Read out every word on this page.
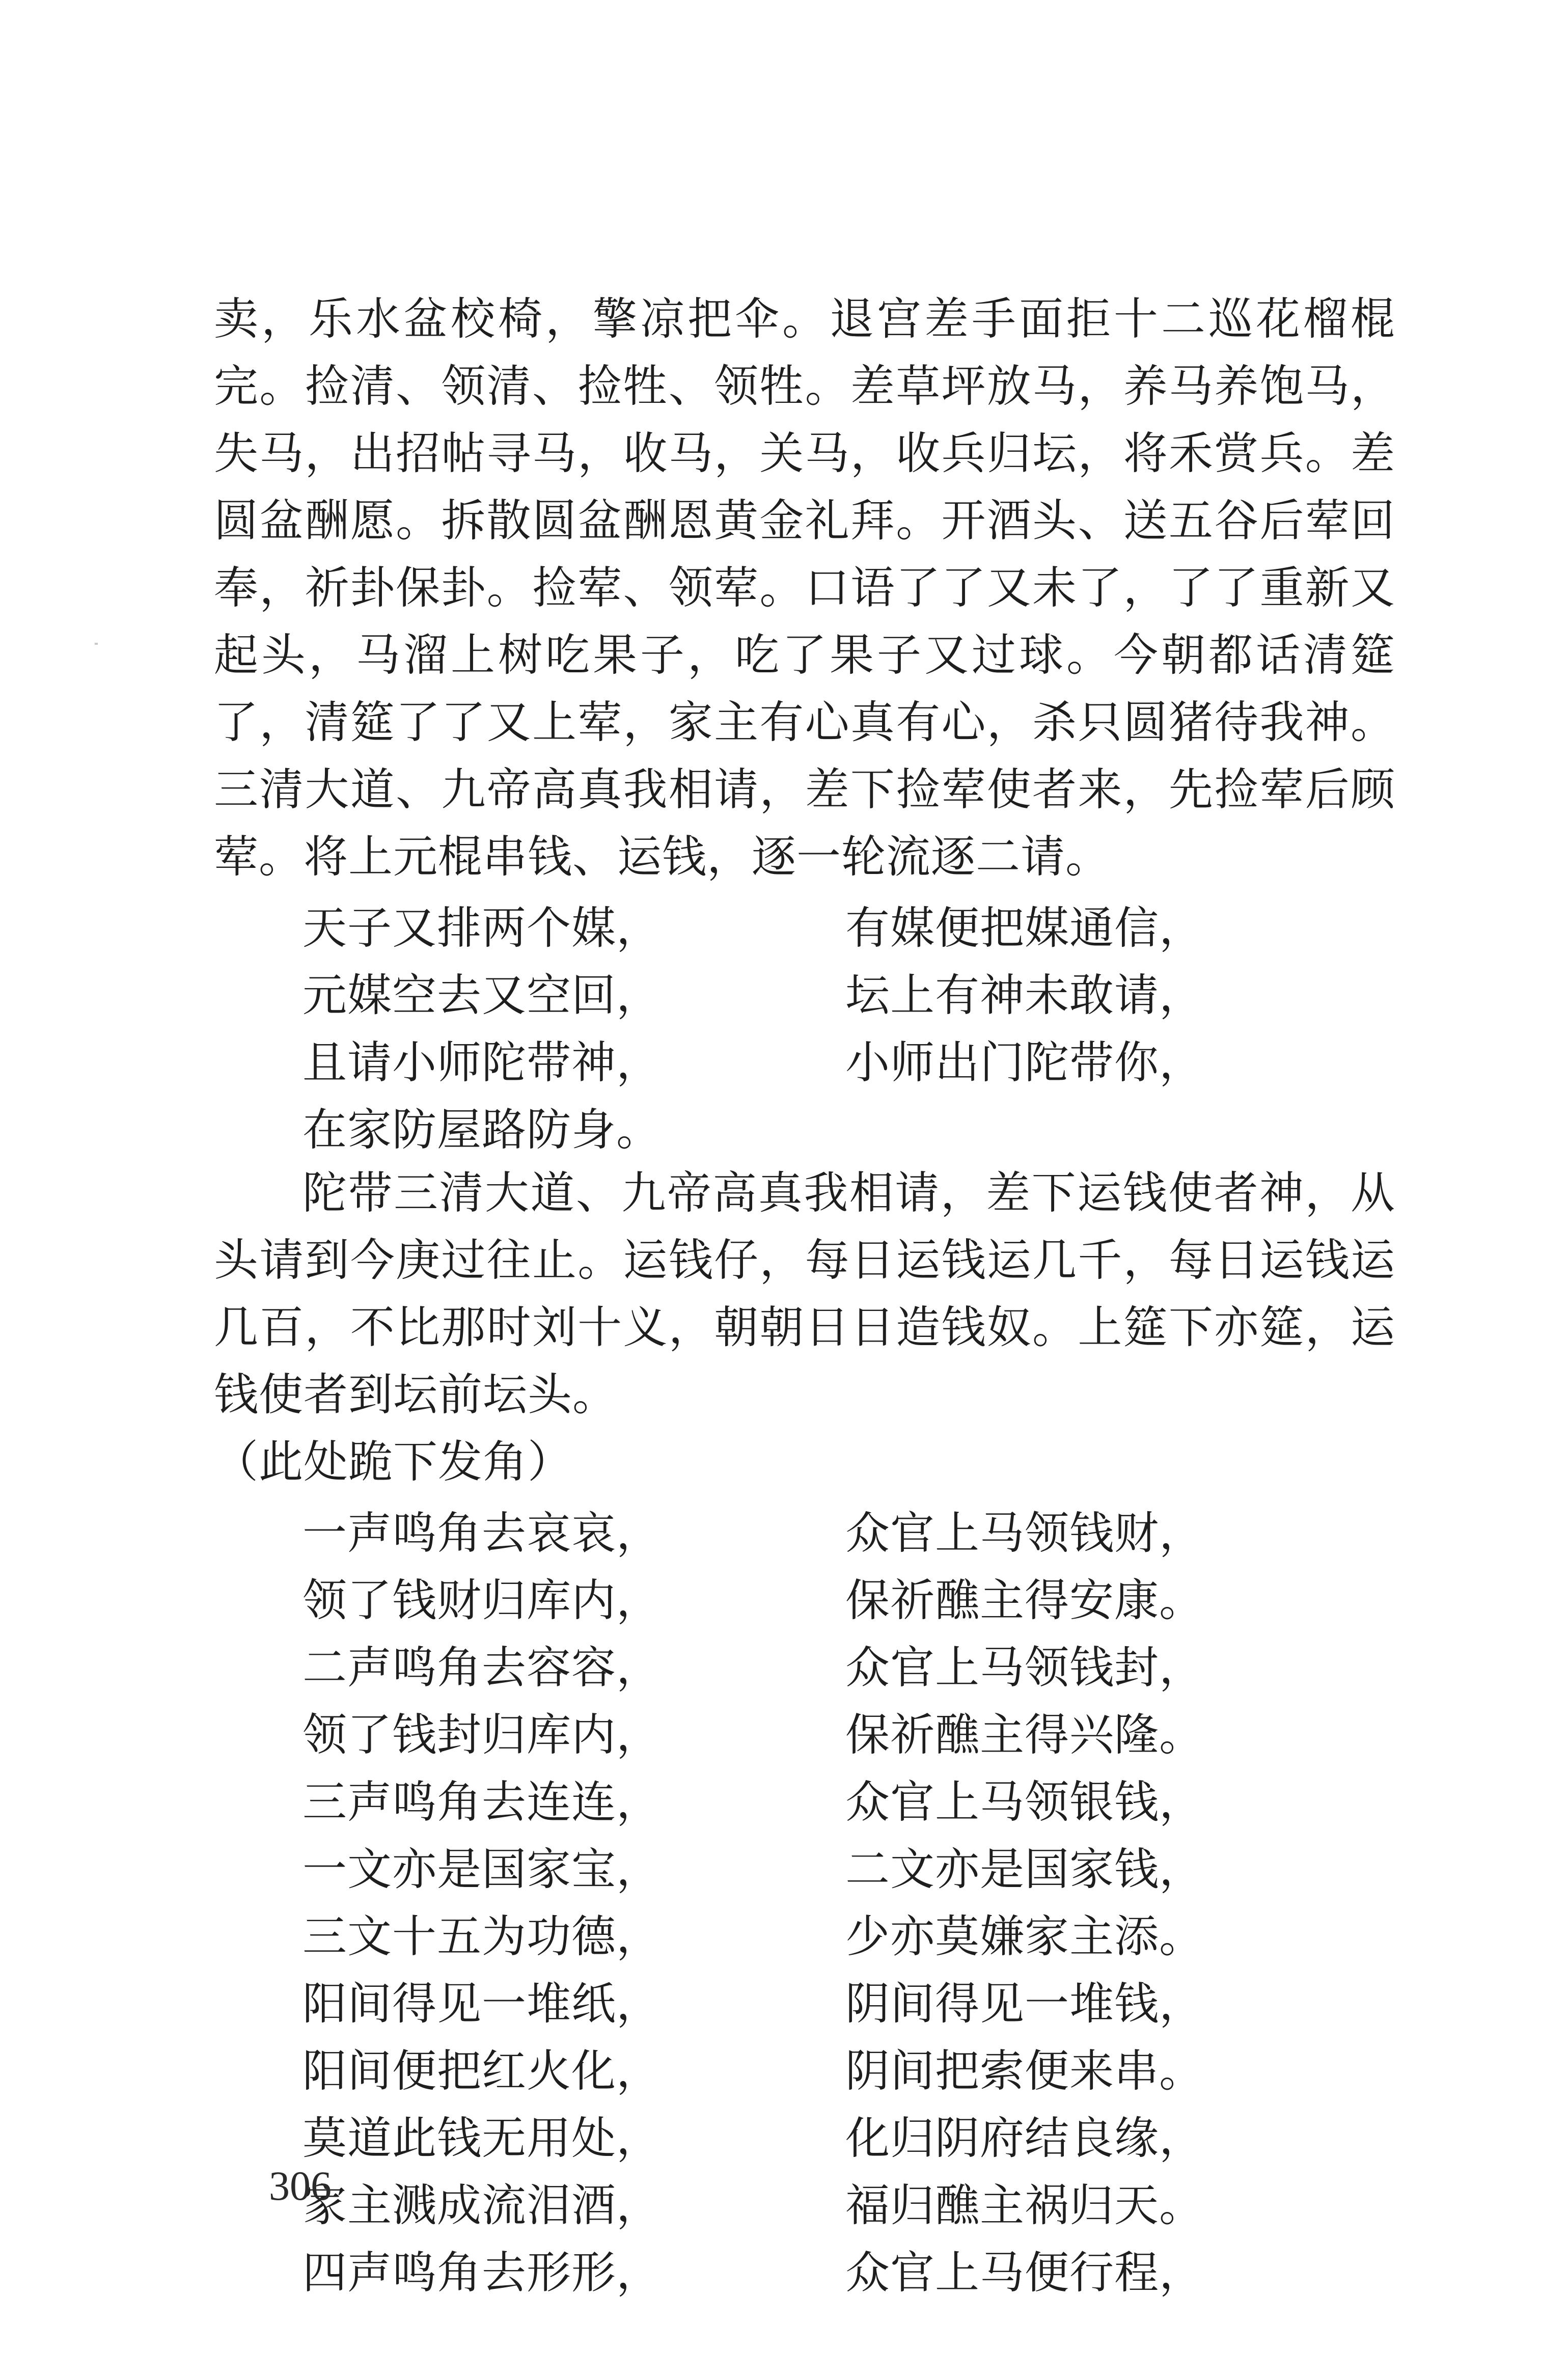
卖，乐水盆校椅，擎凉把伞。退宫差手面拒十二巡花榴棍完。捡清、领清、捡牲、领牲。差草坪放马，养马养饱马，失马，出招帖寻马，收马，关马，收兵归坛，将禾赏兵。差圆盆酬愿。拆散圆盆酬恩黄金礼拜。开酒头、送五谷后荤回奉，祈卦保卦。捡荤、领荤。口语了了又未了，了了重新又起头，马溜上树吃果子，吃了果子又过球。今朝都话清筵了，清筵了了又上荤，家主有心真有心，杀只圆猪待我神。三清大道、九帝高真我相请，差下捡荤使者来，先捡荤后顾荤。将上元棍串钱、运钱，逐一轮流逐二请。

天子又排两个媒，	有媒便把媒通信，
元媒空去又空回，	坛上有神未敢请，
且请小师陀带神，	小师出门陀带你，
在家防屋路防身。

陀带三清大道、九帝高真我相请，差下运钱使者神，从头请到今庚过往止。运钱仔，每日运钱运几千，每日运钱运几百，不比那时刘十义，朝朝日日造钱奴。上筵下亦筵，运钱使者到坛前坛头。

（此处跪下发角）

一声鸣角去哀哀，	众官上马领钱财，
领了钱财归库内，	保祈醮主得安康。
二声鸣角去容容，	众官上马领钱封，
领了钱封归库内，	保祈醮主得兴隆。
三声鸣角去连连，	众官上马领银钱，
一文亦是国家宝，	二文亦是国家钱，
三文十五为功德，	少亦莫嫌家主添。
阳间得见一堆纸，	阴间得见一堆钱，
阳间便把红火化，	阴间把索便来串。
莫道此钱无用处，	化归阴府结良缘，
家主溅成流泪酒，	福归醮主祸归天。
四声鸣角去形形，	众官上马便行程，
306
